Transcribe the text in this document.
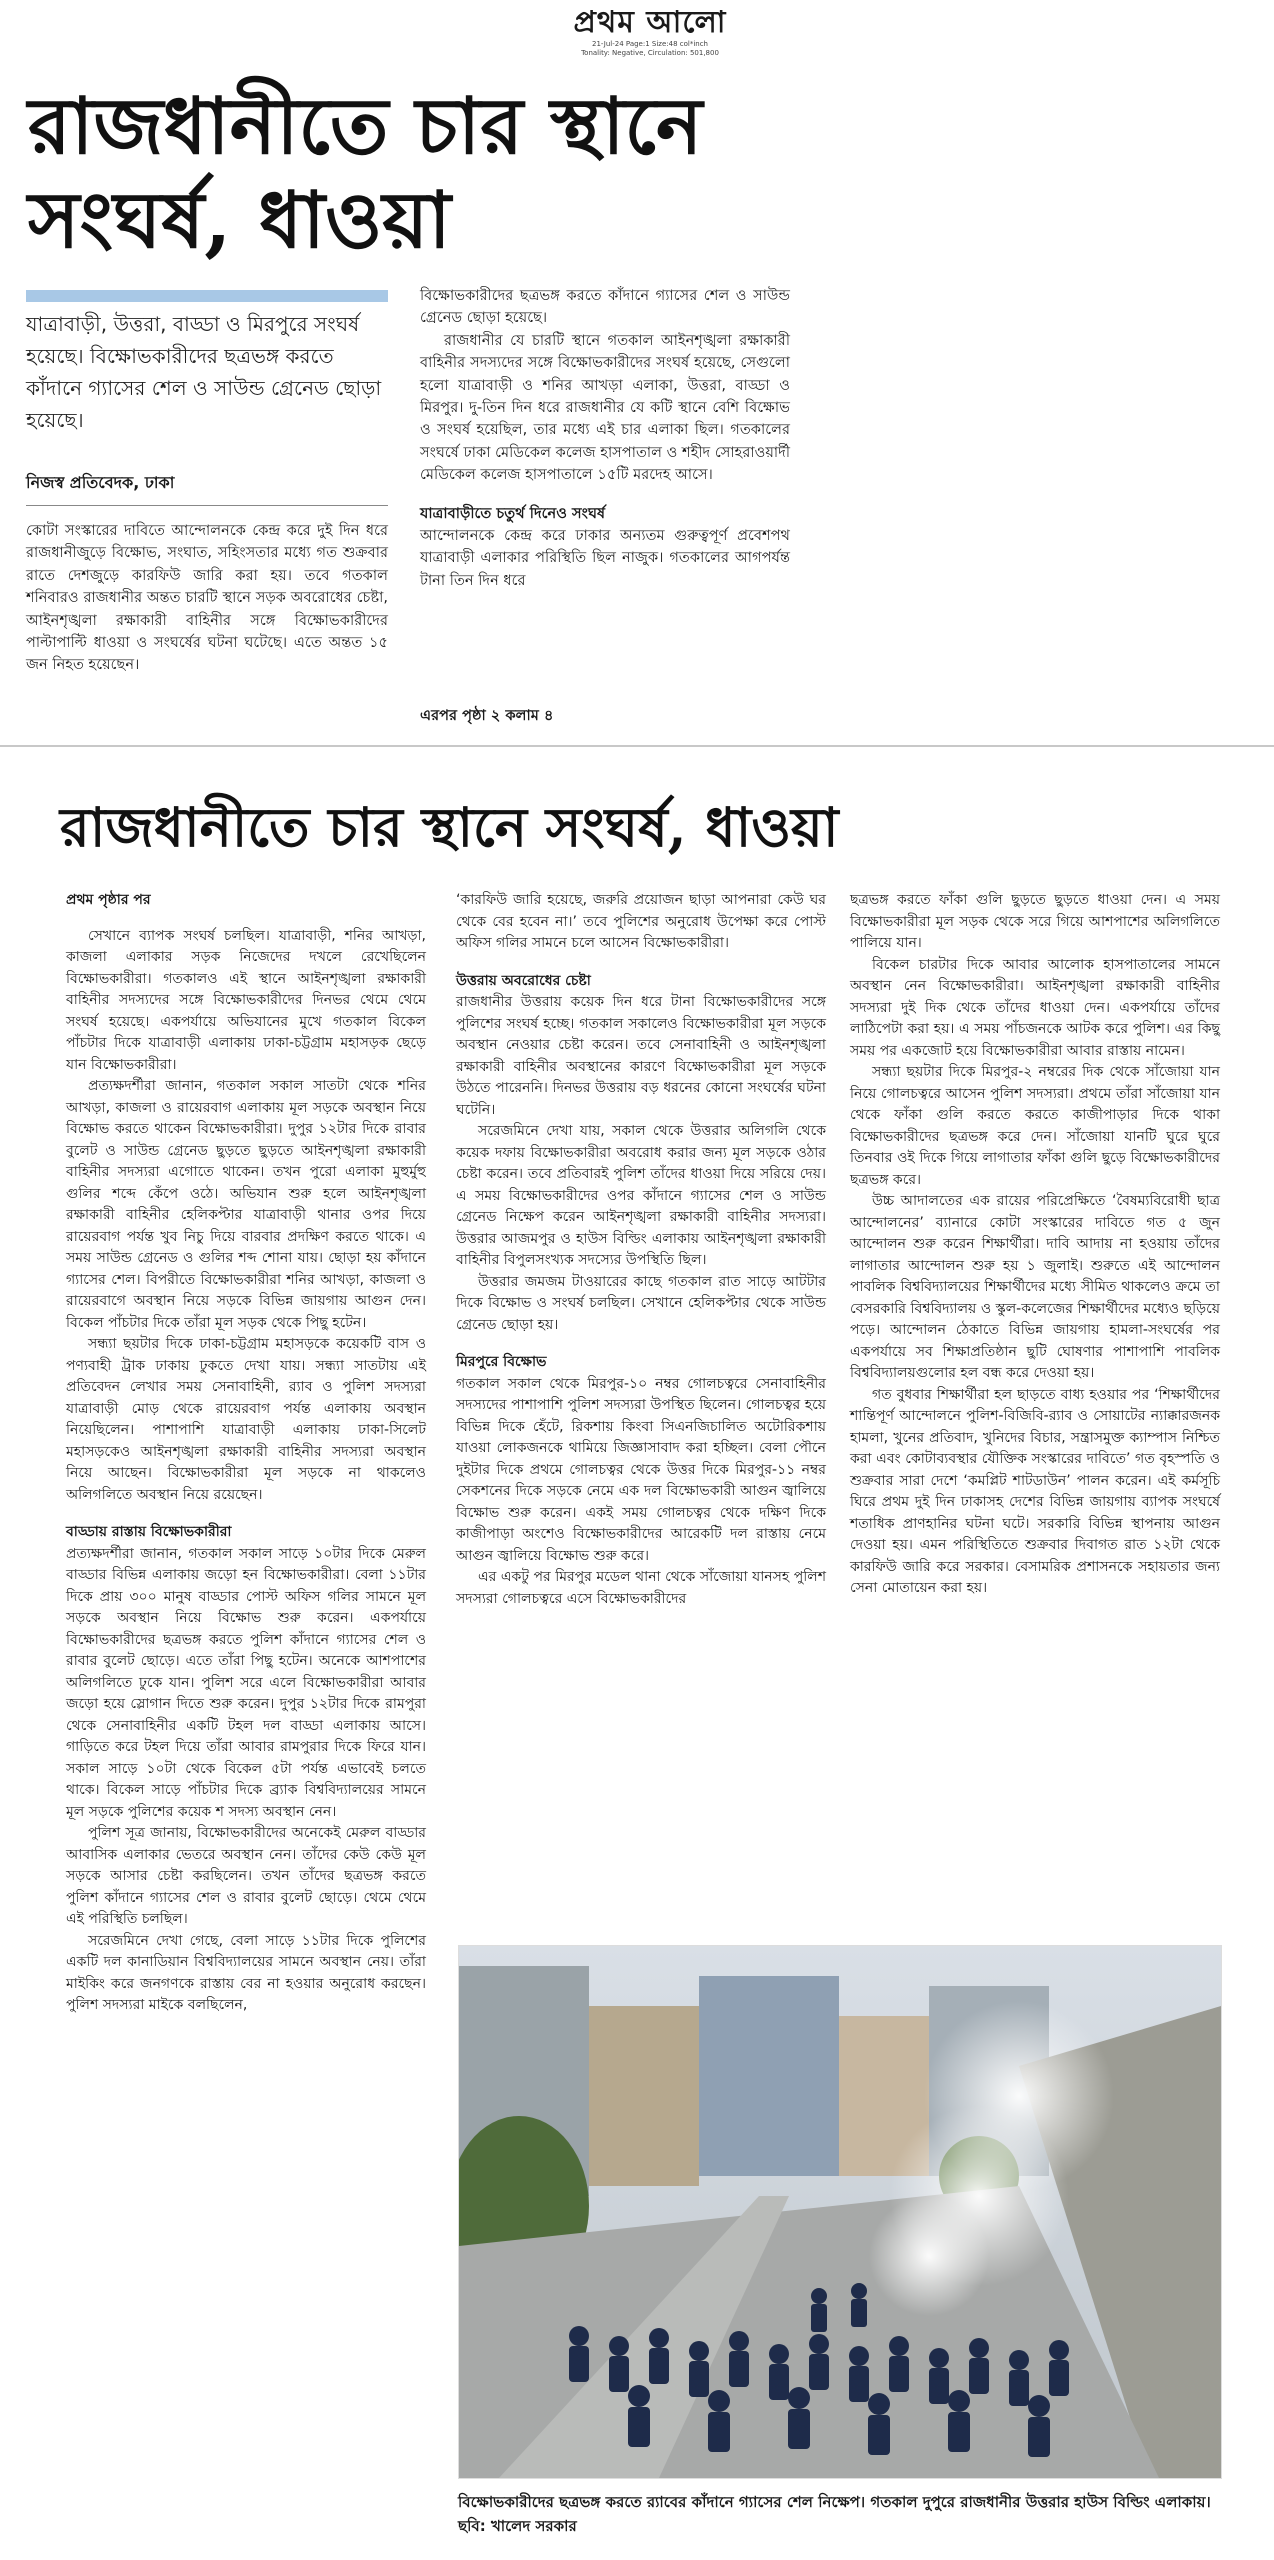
প্রথম আলো
21-Jul-24 Page:1 Size:48 col*inch
Tonality: Negative, Circulation: 501,800
রাজধানীতে চার স্থানে সংঘর্ষ, ধাওয়া
যাত্রাবাড়ী, উত্তরা, বাড্ডা ও মিরপুরে সংঘর্ষ হয়েছে। বিক্ষোভকারীদের ছত্রভঙ্গ করতে কাঁদানে গ্যাসের শেল ও সাউন্ড গ্রেনেড ছোড়া হয়েছে।
নিজস্ব প্রতিবেদক, ঢাকা
কোটা সংস্কারের দাবিতে আন্দোলনকে কেন্দ্র করে দুই দিন ধরে রাজধানীজুড়ে বিক্ষোভ, সংঘাত, সহিংসতার মধ্যে গত শুক্রবার রাতে দেশজুড়ে কারফিউ জারি করা হয়। তবে গতকাল শনিবারও রাজধানীর অন্তত চারটি স্থানে সড়ক অবরোধের চেষ্টা, আইনশৃঙ্খলা রক্ষাকারী বাহিনীর সঙ্গে বিক্ষোভকারীদের পাল্টাপাল্টি ধাওয়া ও সংঘর্ষের ঘটনা ঘটেছে। এতে অন্তত ১৫ জন নিহত হয়েছেন।

বিক্ষোভকারীদের ছত্রভঙ্গ করতে কাঁদানে গ্যাসের শেল ও সাউন্ড গ্রেনেড ছোড়া হয়েছে।

রাজধানীর যে চারটি স্থানে গতকাল আইনশৃঙ্খলা রক্ষাকারী বাহিনীর সদস্যদের সঙ্গে বিক্ষোভকারীদের সংঘর্ষ হয়েছে, সেগুলো হলো যাত্রাবাড়ী ও শনির আখড়া এলাকা, উত্তরা, বাড্ডা ও মিরপুর। দু-তিন দিন ধরে রাজধানীর যে কটি স্থানে বেশি বিক্ষোভ ও সংঘর্ষ হয়েছিল, তার মধ্যে এই চার এলাকা ছিল। গতকালের সংঘর্ষে ঢাকা মেডিকেল কলেজ হাসপাতাল ও শহীদ সোহরাওয়ার্দী মেডিকেল কলেজ হাসপাতালে ১৫টি মরদেহ আসে।

যাত্রাবাড়ীতে চতুর্থ দিনেও সংঘর্ষ

আন্দোলনকে কেন্দ্র করে ঢাকার অন্যতম গুরুত্বপূর্ণ প্রবেশপথ যাত্রাবাড়ী এলাকার পরিস্থিতি ছিল নাজুক। গতকালের আগপর্যন্ত টানা তিন দিন ধরে

এরপর পৃষ্ঠা ২ কলাম ৪
রাজধানীতে চার স্থানে সংঘর্ষ, ধাওয়া

প্রথম পৃষ্ঠার পর

সেখানে ব্যাপক সংঘর্ষ চলছিল। যাত্রাবাড়ী, শনির আখড়া, কাজলা এলাকার সড়ক নিজেদের দখলে রেখেছিলেন বিক্ষোভকারীরা। গতকালও এই স্থানে আইনশৃঙ্খলা রক্ষাকারী বাহিনীর সদস্যদের সঙ্গে বিক্ষোভকারীদের দিনভর থেমে থেমে সংঘর্ষ হয়েছে। একপর্যায়ে অভিযানের মুখে গতকাল বিকেল পাঁচটার দিকে যাত্রাবাড়ী এলাকায় ঢাকা-চট্টগ্রাম মহাসড়ক ছেড়ে যান বিক্ষোভকারীরা।

প্রত্যক্ষদর্শীরা জানান, গতকাল সকাল সাতটা থেকে শনির আখড়া, কাজলা ও রায়েরবাগ এলাকায় মূল সড়কে অবস্থান নিয়ে বিক্ষোভ করতে থাকেন বিক্ষোভকারীরা। দুপুর ১২টার দিকে রাবার বুলেট ও সাউন্ড গ্রেনেড ছুড়তে ছুড়তে আইনশৃঙ্খলা রক্ষাকারী বাহিনীর সদস্যরা এগোতে থাকেন। তখন পুরো এলাকা মুহুর্মুহু গুলির শব্দে কেঁপে ওঠে। অভিযান শুরু হলে আইনশৃঙ্খলা রক্ষাকারী বাহিনীর হেলিকপ্টার যাত্রাবাড়ী থানার ওপর দিয়ে রায়েরবাগ পর্যন্ত খুব নিচু দিয়ে বারবার প্রদক্ষিণ করতে থাকে। এ সময় সাউন্ড গ্রেনেড ও গুলির শব্দ শোনা যায়। ছোড়া হয় কাঁদানে গ্যাসের শেল। বিপরীতে বিক্ষোভকারীরা শনির আখড়া, কাজলা ও রায়েরবাগে অবস্থান নিয়ে সড়কে বিভিন্ন জায়গায় আগুন দেন। বিকেল পাঁচটার দিকে তাঁরা মূল সড়ক থেকে পিছু হটেন।

সন্ধ্যা ছয়টার দিকে ঢাকা-চট্টগ্রাম মহাসড়কে কয়েকটি বাস ও পণ্যবাহী ট্রাক ঢাকায় ঢুকতে দেখা যায়। সন্ধ্যা সাতটায় এই প্রতিবেদন লেখার সময় সেনাবাহিনী, র‍্যাব ও পুলিশ সদস্যরা যাত্রাবাড়ী মোড় থেকে রায়েরবাগ পর্যন্ত এলাকায় অবস্থান নিয়েছিলেন। পাশাপাশি যাত্রাবাড়ী এলাকায় ঢাকা-সিলেট মহাসড়কেও আইনশৃঙ্খলা রক্ষাকারী বাহিনীর সদস্যরা অবস্থান নিয়ে আছেন। বিক্ষোভকারীরা মূল সড়কে না থাকলেও অলিগলিতে অবস্থান নিয়ে রয়েছেন।

বাড্ডায় রাস্তায় বিক্ষোভকারীরা

প্রত্যক্ষদর্শীরা জানান, গতকাল সকাল সাড়ে ১০টার দিকে মেরুল বাড্ডার বিভিন্ন এলাকায় জড়ো হন বিক্ষোভকারীরা। বেলা ১১টার দিকে প্রায় ৩০০ মানুষ বাড্ডার পোস্ট অফিস গলির সামনে মূল সড়কে অবস্থান নিয়ে বিক্ষোভ শুরু করেন। একপর্যায়ে বিক্ষোভকারীদের ছত্রভঙ্গ করতে পুলিশ কাঁদানে গ্যাসের শেল ও রাবার বুলেট ছোড়ে। এতে তাঁরা পিছু হটেন। অনেকে আশপাশের অলিগলিতে ঢুকে যান। পুলিশ সরে এলে বিক্ষোভকারীরা আবার জড়ো হয়ে স্লোগান দিতে শুরু করেন। দুপুর ১২টার দিকে রামপুরা থেকে সেনাবাহিনীর একটি টহল দল বাড্ডা এলাকায় আসে। গাড়িতে করে টহল দিয়ে তাঁরা আবার রামপুরার দিকে ফিরে যান। সকাল সাড়ে ১০টা থেকে বিকেল ৫টা পর্যন্ত এভাবেই চলতে থাকে। বিকেল সাড়ে পাঁচটার দিকে ব্র্যাক বিশ্ববিদ্যালয়ের সামনে মূল সড়কে পুলিশের কয়েক শ সদস্য অবস্থান নেন।

পুলিশ সূত্র জানায়, বিক্ষোভকারীদের অনেকেই মেরুল বাড্ডার আবাসিক এলাকার ভেতরে অবস্থান নেন। তাঁদের কেউ কেউ মূল সড়কে আসার চেষ্টা করছিলেন। তখন তাঁদের ছত্রভঙ্গ করতে পুলিশ কাঁদানে গ্যাসের শেল ও রাবার বুলেট ছোড়ে। থেমে থেমে এই পরিস্থিতি চলছিল।

সরেজমিনে দেখা গেছে, বেলা সাড়ে ১১টার দিকে পুলিশের একটি দল কানাডিয়ান বিশ্ববিদ্যালয়ের সামনে অবস্থান নেয়। তাঁরা মাইকিং করে জনগণকে রাস্তায় বের না হওয়ার অনুরোধ করছেন। পুলিশ সদস্যরা মাইকে বলছিলেন,

‘কারফিউ জারি হয়েছে, জরুরি প্রয়োজন ছাড়া আপনারা কেউ ঘর থেকে বের হবেন না।’ তবে পুলিশের অনুরোধ উপেক্ষা করে পোস্ট অফিস গলির সামনে চলে আসেন বিক্ষোভকারীরা।

উত্তরায় অবরোধের চেষ্টা

রাজধানীর উত্তরায় কয়েক দিন ধরে টানা বিক্ষোভকারীদের সঙ্গে পুলিশের সংঘর্ষ হচ্ছে। গতকাল সকালেও বিক্ষোভকারীরা মূল সড়কে অবস্থান নেওয়ার চেষ্টা করেন। তবে সেনাবাহিনী ও আইনশৃঙ্খলা রক্ষাকারী বাহিনীর অবস্থানের কারণে বিক্ষোভকারীরা মূল সড়কে উঠতে পারেননি। দিনভর উত্তরায় বড় ধরনের কোনো সংঘর্ষের ঘটনা ঘটেনি।

সরেজমিনে দেখা যায়, সকাল থেকে উত্তরার অলিগলি থেকে কয়েক দফায় বিক্ষোভকারীরা অবরোধ করার জন্য মূল সড়কে ওঠার চেষ্টা করেন। তবে প্রতিবারই পুলিশ তাঁদের ধাওয়া দিয়ে সরিয়ে দেয়। এ সময় বিক্ষোভকারীদের ওপর কাঁদানে গ্যাসের শেল ও সাউন্ড গ্রেনেড নিক্ষেপ করেন আইনশৃঙ্খলা রক্ষাকারী বাহিনীর সদস্যরা। উত্তরার আজমপুর ও হাউস বিল্ডিং এলাকায় আইনশৃঙ্খলা রক্ষাকারী বাহিনীর বিপুলসংখ্যক সদস্যের উপস্থিতি ছিল।

উত্তরার জমজম টাওয়ারের কাছে গতকাল রাত সাড়ে আটটার দিকে বিক্ষোভ ও সংঘর্ষ চলছিল। সেখানে হেলিকপ্টার থেকে সাউন্ড গ্রেনেড ছোড়া হয়।

মিরপুরে বিক্ষোভ

গতকাল সকাল থেকে মিরপুর-১০ নম্বর গোলচত্বরে সেনাবাহিনীর সদস্যদের পাশাপাশি পুলিশ সদস্যরা উপস্থিত ছিলেন। গোলচত্বর হয়ে বিভিন্ন দিকে হেঁটে, রিকশায় কিংবা সিএনজিচালিত অটোরিকশায় যাওয়া লোকজনকে থামিয়ে জিজ্ঞাসাবাদ করা হচ্ছিল। বেলা পৌনে দুইটার দিকে প্রথমে গোলচত্বর থেকে উত্তর দিকে মিরপুর-১১ নম্বর সেকশনের দিকে সড়কে নেমে এক দল বিক্ষোভকারী আগুন জ্বালিয়ে বিক্ষোভ শুরু করেন। একই সময় গোলচত্বর থেকে দক্ষিণ দিকে কাজীপাড়া অংশেও বিক্ষোভকারীদের আরেকটি দল রাস্তায় নেমে আগুন জ্বালিয়ে বিক্ষোভ শুরু করে।

এর একটু পর মিরপুর মডেল থানা থেকে সাঁজোয়া যানসহ পুলিশ সদস্যরা গোলচত্বরে এসে বিক্ষোভকারীদের

ছত্রভঙ্গ করতে ফাঁকা গুলি ছুড়তে ছুড়তে ধাওয়া দেন। এ সময় বিক্ষোভকারীরা মূল সড়ক থেকে সরে গিয়ে আশপাশের অলিগলিতে পালিয়ে যান।

বিকেল চারটার দিকে আবার আলোক হাসপাতালের সামনে অবস্থান নেন বিক্ষোভকারীরা। আইনশৃঙ্খলা রক্ষাকারী বাহিনীর সদস্যরা দুই দিক থেকে তাঁদের ধাওয়া দেন। একপর্যায়ে তাঁদের লাঠিপেটা করা হয়। এ সময় পাঁচজনকে আটক করে পুলিশ। এর কিছু সময় পর একজোট হয়ে বিক্ষোভকারীরা আবার রাস্তায় নামেন।

সন্ধ্যা ছয়টার দিকে মিরপুর-২ নম্বরের দিক থেকে সাঁজোয়া যান নিয়ে গোলচত্বরে আসেন পুলিশ সদস্যরা। প্রথমে তাঁরা সাঁজোয়া যান থেকে ফাঁকা গুলি করতে করতে কাজীপাড়ার দিকে থাকা বিক্ষোভকারীদের ছত্রভঙ্গ করে দেন। সাঁজোয়া যানটি ঘুরে ঘুরে তিনবার ওই দিকে গিয়ে লাগাতার ফাঁকা গুলি ছুড়ে বিক্ষোভকারীদের ছত্রভঙ্গ করে।

উচ্চ আদালতের এক রায়ের পরিপ্রেক্ষিতে ‘বৈষম্যবিরোধী ছাত্র আন্দোলনের’ ব্যানারে কোটা সংস্কারের দাবিতে গত ৫ জুন আন্দোলন শুরু করেন শিক্ষার্থীরা। দাবি আদায় না হওয়ায় তাঁদের লাগাতার আন্দোলন শুরু হয় ১ জুলাই। শুরুতে এই আন্দোলন পাবলিক বিশ্ববিদ্যালয়ের শিক্ষার্থীদের মধ্যে সীমিত থাকলেও ক্রমে তা বেসরকারি বিশ্ববিদ্যালয় ও স্কুল-কলেজের শিক্ষার্থীদের মধ্যেও ছড়িয়ে পড়ে। আন্দোলন ঠেকাতে বিভিন্ন জায়গায় হামলা-সংঘর্ষের পর একপর্যায়ে সব শিক্ষাপ্রতিষ্ঠান ছুটি ঘোষণার পাশাপাশি পাবলিক বিশ্ববিদ্যালয়গুলোর হল বন্ধ করে দেওয়া হয়।

গত বুধবার শিক্ষার্থীরা হল ছাড়তে বাধ্য হওয়ার পর ‘শিক্ষার্থীদের শান্তিপূর্ণ আন্দোলনে পুলিশ-বিজিবি-র‍্যাব ও সোয়াটের ন্যাক্কারজনক হামলা, খুনের প্রতিবাদ, খুনিদের বিচার, সন্ত্রাসমুক্ত ক্যাম্পাস নিশ্চিত করা এবং কোটাব্যবস্থার যৌক্তিক সংস্কারের দাবিতে’ গত বৃহস্পতি ও শুক্রবার সারা দেশে ‘কমপ্লিট শাটডাউন’ পালন করেন। এই কর্মসূচি ঘিরে প্রথম দুই দিন ঢাকাসহ দেশের বিভিন্ন জায়গায় ব্যাপক সংঘর্ষে শতাধিক প্রাণহানির ঘটনা ঘটে। সরকারি বিভিন্ন স্থাপনায় আগুন দেওয়া হয়। এমন পরিস্থিতিতে শুক্রবার দিবাগত রাত ১২টা থেকে কারফিউ জারি করে সরকার। বেসামরিক প্রশাসনকে সহায়তার জন্য সেনা মোতায়েন করা হয়।

বিক্ষোভকারীদের ছত্রভঙ্গ করতে র‍্যাবের কাঁদানে গ্যাসের শেল নিক্ষেপ। গতকাল দুপুরে রাজধানীর উত্তরার হাউস বিল্ডিং এলাকায়। ছবি: খালেদ সরকার
